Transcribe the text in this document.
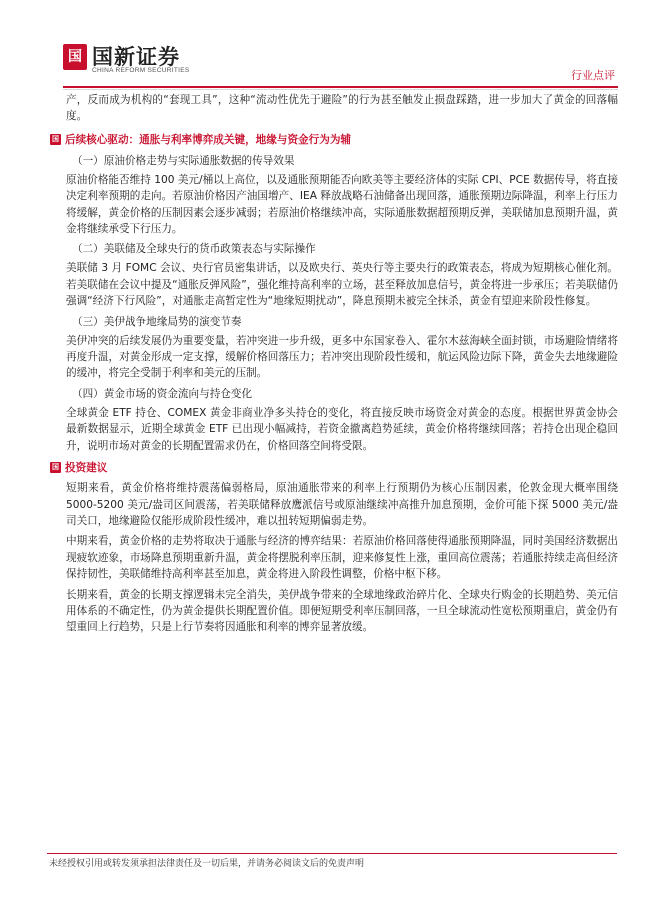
国 国新证券
CHINA REFORM SECURITIES	行业点评

产，反而成为机构的“套现工具”，这种“流动性优先于避险”的行为甚至触发止损盘踩踏，进一步加大了黄金的回落幅度。

国 后续核心驱动：通胀与利率博弈成关键，地缘与资金行为为辅
（一）原油价格走势与实际通胀数据的传导效果

原油价格能否维持 100 美元/桶以上高位，以及通胀预期能否向欧美等主要经济体的实际 CPI、PCE 数据传导，将直接决定利率预期的走向。若原油价格因产油国增产、IEA 释放战略石油储备出现回落，通胀预期边际降温，利率上行压力将缓解，黄金价格的压制因素会逐步减弱；若原油价格继续冲高，实际通胀数据超预期反弹，美联储加息预期升温，黄金将继续承受下行压力。

（二）美联储及全球央行的货币政策表态与实际操作

美联储 3 月 FOMC 会议、央行官员密集讲话，以及欧央行、英央行等主要央行的政策表态，将成为短期核心催化剂。若美联储在会议中提及“通胀反弹风险”，强化维持高利率的立场，甚至释放加息信号，黄金将进一步承压；若美联储仍强调“经济下行风险”，对通胀走高暂定性为“地缘短期扰动”，降息预期未被完全抹杀，黄金有望迎来阶段性修复。

（三）美伊战争地缘局势的演变节奏

美伊冲突的后续发展仍为重要变量，若冲突进一步升级，更多中东国家卷入、霍尔木兹海峡全面封锁，市场避险情绪将再度升温，对黄金形成一定支撑，缓解价格回落压力；若冲突出现阶段性缓和，航运风险边际下降，黄金失去地缘避险的缓冲，将完全受制于利率和美元的压制。

（四）黄金市场的资金流向与持仓变化

全球黄金 ETF 持仓、COMEX 黄金非商业净多头持仓的变化，将直接反映市场资金对黄金的态度。根据世界黄金协会最新数据显示，近期全球黄金 ETF 已出现小幅减持，若资金撤离趋势延续，黄金价格将继续回落；若持仓出现企稳回升，说明市场对黄金的长期配置需求仍在，价格回落空间将受限。

国 投资建议

短期来看，黄金价格将维持震荡偏弱格局，原油通胀带来的利率上行预期仍为核心压制因素，伦敦金现大概率围绕 5000-5200 美元/盎司区间震荡，若美联储释放鹰派信号或原油继续冲高推升加息预期，金价可能下探 5000 美元/盎司关口，地缘避险仅能形成阶段性缓冲，难以扭转短期偏弱走势。

中期来看，黄金价格的走势将取决于通胀与经济的博弈结果：若原油价格回落使得通胀预期降温，同时美国经济数据出现疲软迹象，市场降息预期重新升温，黄金将摆脱利率压制，迎来修复性上涨，重回高位震荡；若通胀持续走高但经济保持韧性，美联储维持高利率甚至加息，黄金将进入阶段性调整，价格中枢下移。

长期来看，黄金的长期支撑逻辑未完全消失，美伊战争带来的全球地缘政治碎片化、全球央行购金的长期趋势、美元信用体系的不确定性，仍为黄金提供长期配置价值。即便短期受利率压制回落，一旦全球流动性宽松预期重启，黄金仍有望重回上行趋势，只是上行节奏将因通胀和利率的博弈显著放缓。

未经授权引用或转发须承担法律责任及一切后果，并请务必阅读文后的免责声明
